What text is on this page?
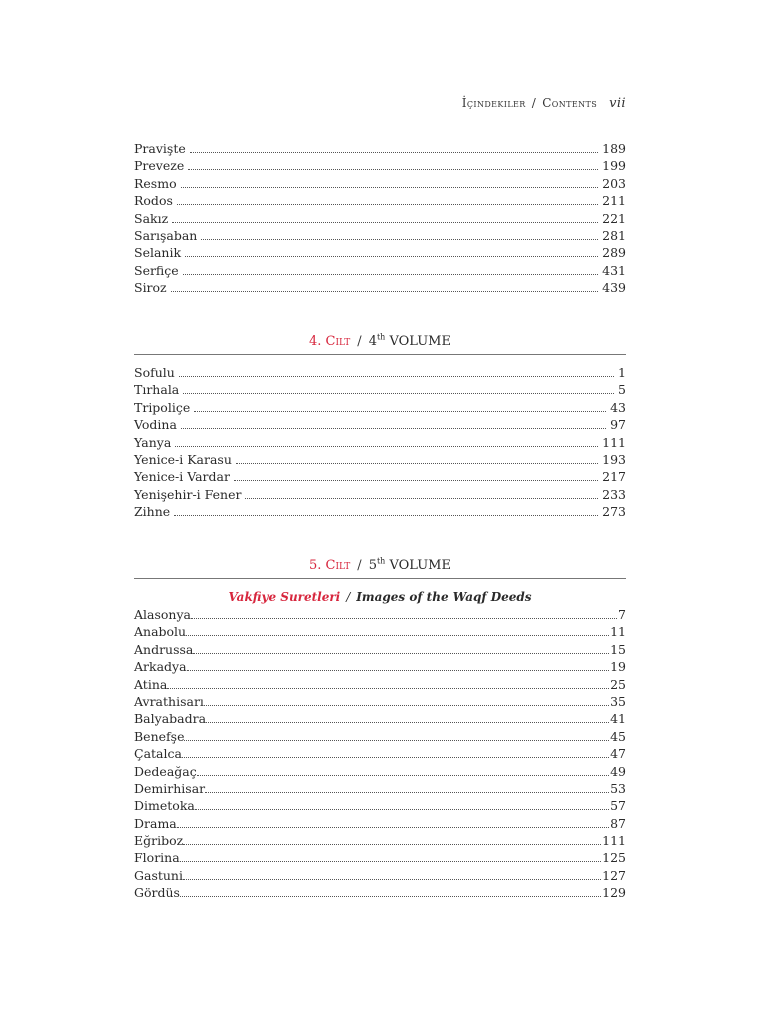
İçindekiler / Contents vii
Pravişte	189
Preveze	199
Resmo	203
Rodos	211
Sakız	221
Sarışaban	281
Selanik	289
Serfiçe	431
Siroz	439
4. Cilt / 4th VOLUME
Sofulu	1
Tırhala	5
Tripoliçe	43
Vodina	97
Yanya	111
Yenice-i Karasu	193
Yenice-i Vardar	217
Yenişehir-i Fener	233
Zihne	273
5. Cilt / 5th VOLUME
Vakfiye Suretleri / Images of the Waqf Deeds
Alasonya	7
Anabolu	11
Andrussa	15
Arkadya	19
Atina	25
Avrathisarı	35
Balyabadra	41
Benefşe	45
Çatalca	47
Dedeağaç	49
Demirhisar	53
Dimetoka	57
Drama	87
Eğriboz	111
Florina	125
Gastuni	127
Gördüs	129
